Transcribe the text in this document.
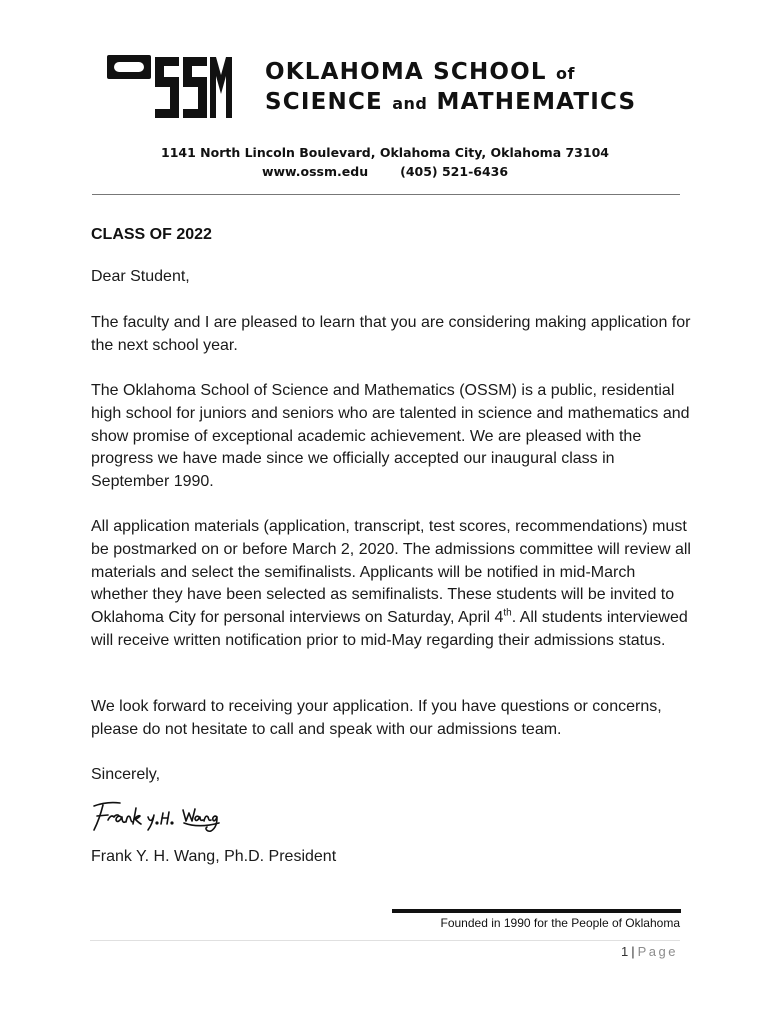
OKLAHOMA SCHOOL of
SCIENCE and MATHEMATICS
1141 North Lincoln Boulevard, Oklahoma City, Oklahoma 73104
www.ossm.edu	(405) 521-6436
CLASS OF 2022
Dear Student,
The faculty and I are pleased to learn that you are considering making application for the next school year.
The Oklahoma School of Science and Mathematics (OSSM) is a public, residential high school for juniors and seniors who are talented in science and mathematics and show promise of exceptional academic achievement. We are pleased with the progress we have made since we officially accepted our inaugural class in September 1990.
All application materials (application, transcript, test scores, recommendations) must be postmarked on or before March 2, 2020. The admissions committee will review all materials and select the semifinalists. Applicants will be notified in mid-March whether they have been selected as semifinalists. These students will be invited to Oklahoma City for personal interviews on Saturday, April 4th. All students interviewed will receive written notification prior to mid-May regarding their admissions status.
We look forward to receiving your application. If you have questions or concerns, please do not hesitate to call and speak with our admissions team.
Sincerely,
Frank Y. H. Wang, Ph.D. President
Founded in 1990 for the People of Oklahoma
1 | Page
